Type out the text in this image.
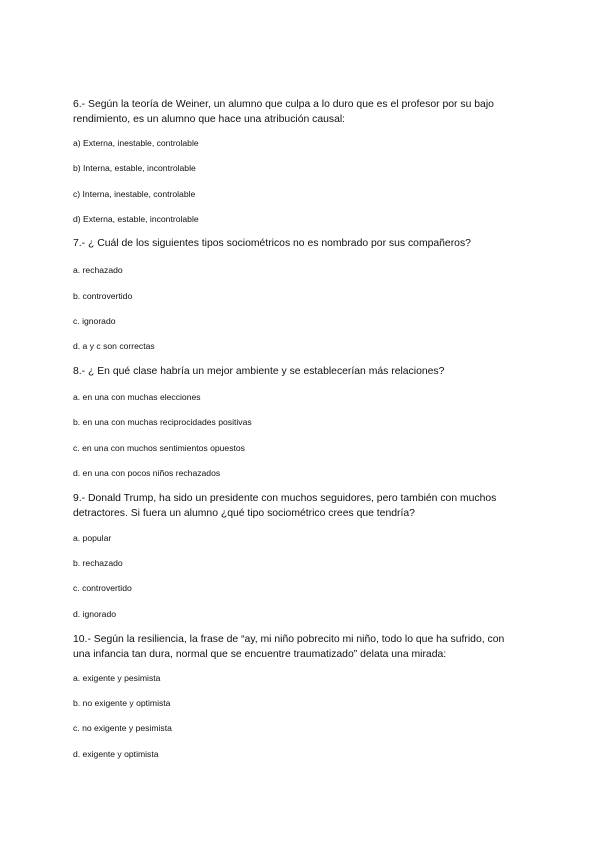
6.- Según la teoría de Weiner, un alumno que culpa a lo duro que es el profesor por su bajo
rendimiento, es un alumno que hace una atribución causal:

a) Externa, inestable, controlable

b) Interna, estable, incontrolable

c) Interna, inestable, controlable

d) Externa, estable, incontrolable

7.- ¿ Cuál de los siguientes tipos sociométricos no es nombrado por sus compañeros?

a. rechazado

b. controvertido

c. ignorado

d. a y c son correctas

8.- ¿ En qué clase habría un mejor ambiente y se establecerían más relaciones?

a. en una con muchas elecciones

b. en una con muchas reciprocidades positivas

c. en una con muchos sentimientos opuestos

d. en una con pocos niños rechazados

9.- Donald Trump, ha sido un presidente con muchos seguidores, pero también con muchos
detractores. Si fuera un alumno ¿qué tipo sociométrico crees que tendría?

a. popular

b. rechazado

c. controvertido

d. ignorado

10.- Según la resiliencia, la frase de “ay, mi niño pobrecito mi niño, todo lo que ha sufrido, con
una infancia tan dura, normal que se encuentre traumatizado” delata una mirada:

a. exigente y pesimista

b. no exigente y optimista

c. no exigente y pesimista

d. exigente y optimista
